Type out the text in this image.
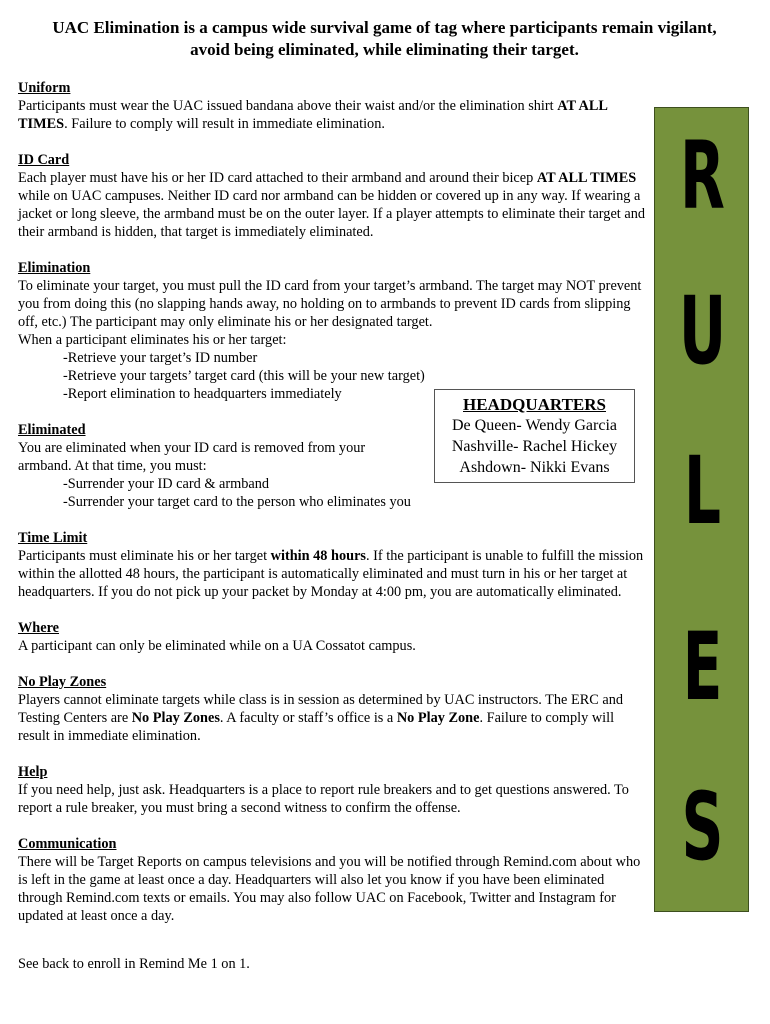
UAC Elimination is a campus wide survival game of tag where participants remain vigilant,
avoid being eliminated, while eliminating their target.
Uniform
Participants must wear the UAC issued bandana above their waist and/or the elimination shirt AT ALL TIMES. Failure to comply will result in immediate elimination.
ID Card
Each player must have his or her ID card attached to their armband and around their bicep AT ALL TIMES while on UAC campuses. Neither ID card nor armband can be hidden or covered up in any way. If wearing a jacket or long sleeve, the armband must be on the outer layer. If a player attempts to eliminate their target and their armband is hidden, that target is immediately eliminated.
Elimination
To eliminate your target, you must pull the ID card from your target’s armband. The target may NOT prevent you from doing this (no slapping hands away, no holding on to armbands to prevent ID cards from slipping off, etc.) The participant may only eliminate his or her designated target.
When a participant eliminates his or her target:
-Retrieve your target’s ID number
-Retrieve your targets’ target card (this will be your new target)
-Report elimination to headquarters immediately
Eliminated
You are eliminated when your ID card is removed from your
armband. At that time, you must:
-Surrender your ID card & armband
-Surrender your target card to the person who eliminates you
Time Limit
Participants must eliminate his or her target within 48 hours. If the participant is unable to fulfill the mission within the allotted 48 hours, the participant is automatically eliminated and must turn in his or her target at headquarters. If you do not pick up your packet by Monday at 4:00 pm, you are automatically eliminated.
Where
A participant can only be eliminated while on a UA Cossatot campus.
No Play Zones
Players cannot eliminate targets while class is in session as determined by UAC instructors. The ERC and Testing Centers are No Play Zones. A faculty or staff’s office is a No Play Zone. Failure to comply will result in immediate elimination.
Help
If you need help, just ask. Headquarters is a place to report rule breakers and to get questions answered. To report a rule breaker, you must bring a second witness to confirm the offense.
Communication
There will be Target Reports on campus televisions and you will be notified through Remind.com about who is left in the game at least once a day. Headquarters will also let you know if you have been eliminated through Remind.com texts or emails. You may also follow UAC on Facebook, Twitter and Instagram for updated at least once a day.
See back to enroll in Remind Me 1 on 1.
HEADQUARTERS
De Queen- Wendy Garcia
Nashville- Rachel Hickey
Ashdown- Nikki Evans
R
U
L
E
S
